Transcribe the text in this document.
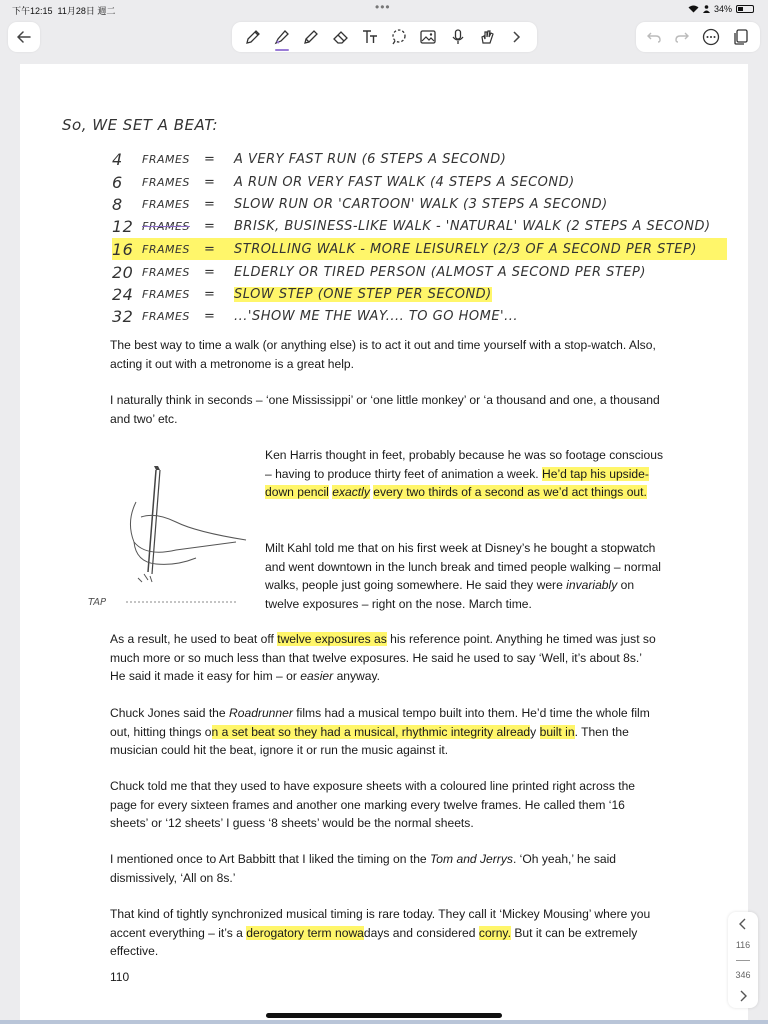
下午12:15 11月28日 週二	•••	34%
So, WE SET A BEAT:
4	FRAMES	=	A VERY FAST RUN (6 STEPS A SECOND)
6	FRAMES	=	A RUN OR VERY FAST WALK (4 STEPS A SECOND)
8	FRAMES	=	SLOW RUN OR 'CARTOON' WALK (3 STEPS A SECOND)
12 FRAMES	=	BRISK, BUSINESS-LIKE WALK - 'NATURAL' WALK (2 STEPS A SECOND)
16 FRAMES	=	STROLLING WALK - MORE LEISURELY (2/3 OF A SECOND PER STEP)
20 FRAMES	=	ELDERLY OR TIRED PERSON (ALMOST A SECOND PER STEP)
24 FRAMES	=	SLOW STEP (ONE STEP PER SECOND)
32 FRAMES	=	...'SHOW ME THE WAY.... TO GO HOME'...

The best way to time a walk (or anything else) is to act it out and time yourself with a stop-watch. Also, acting it out with a metronome is a great help.

I naturally think in seconds – ‘one Mississippi’ or ‘one little monkey’ or ‘a thousand and one, a thousand and two’ etc.

Ken Harris thought in feet, probably because he was so footage conscious – having to produce thirty feet of animation a week. He’d tap his upside-down pencil exactly every two thirds of a second as we’d act things out.

TAP

Milt Kahl told me that on his first week at Disney’s he bought a stopwatch and went downtown in the lunch break and timed people walking – normal walks, people just going somewhere. He said they were invariably on twelve exposures – right on the nose. March time.

As a result, he used to beat off twelve exposures as his reference point. Anything he timed was just so much more or so much less than that twelve exposures. He said he used to say ‘Well, it’s about 8s.’ He said it made it easy for him – or easier anyway.

Chuck Jones said the Roadrunner films had a musical tempo built into them. He’d time the whole film out, hitting things on a set beat so they had a musical, rhythmic integrity already built in. Then the musician could hit the beat, ignore it or run the music against it.

Chuck told me that they used to have exposure sheets with a coloured line printed right across the page for every sixteen frames and another one marking every twelve frames. He called them ‘16 sheets’ or ‘12 sheets’ I guess ‘8 sheets’ would be the normal sheets.

I mentioned once to Art Babbitt that I liked the timing on the Tom and Jerrys. ‘Oh yeah,’ he said dismissively, ‘All on 8s.’

That kind of tightly synchronized musical timing is rare today. They call it ‘Mickey Mousing’ where you accent everything – it’s a derogatory term nowadays and considered corny. But it can be extremely effective.

110
116
346
